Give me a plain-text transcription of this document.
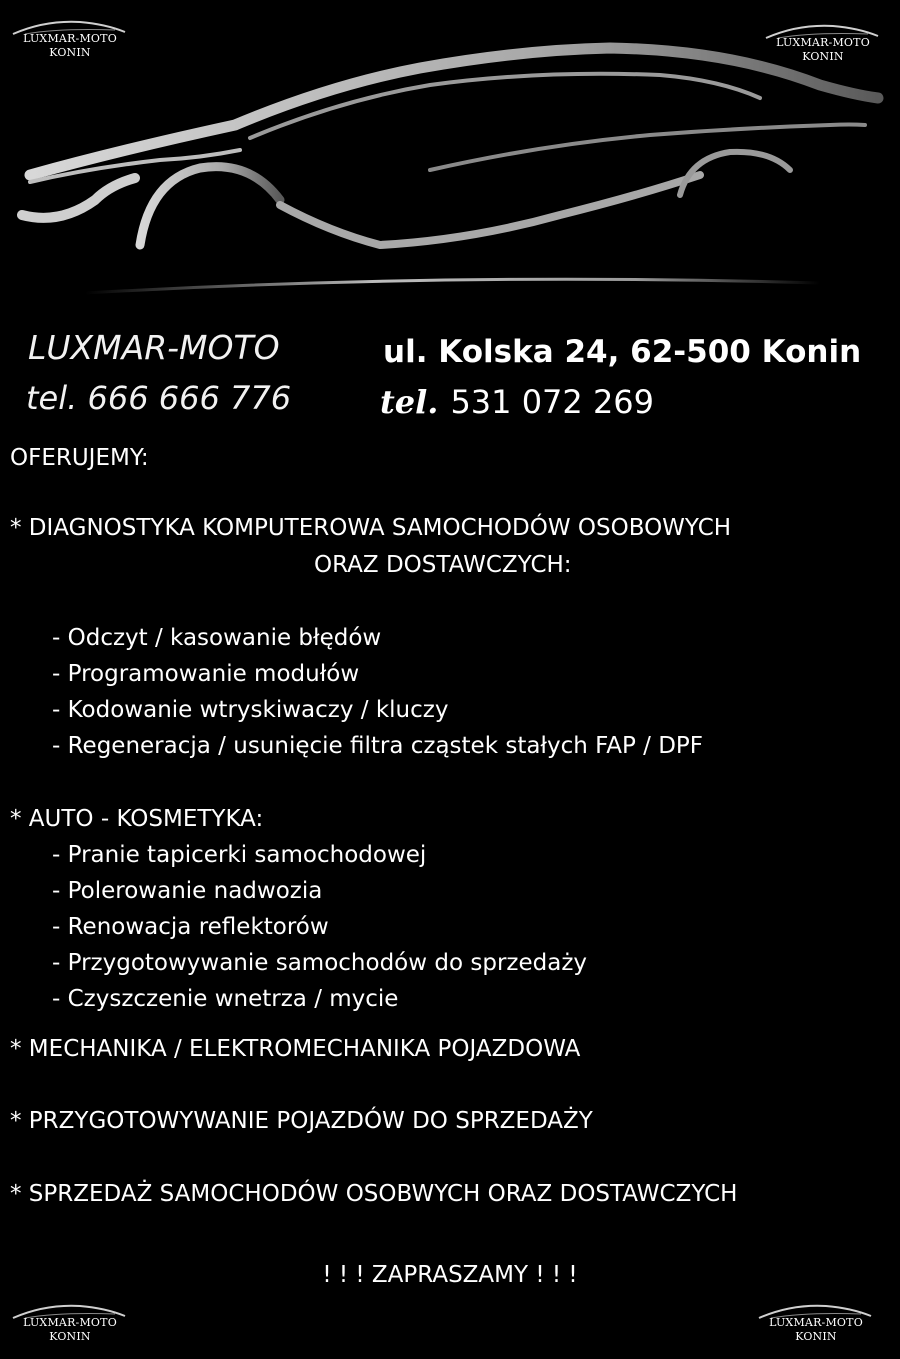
LUXMAR-MOTO
KONIN
LUXMAR-MOTO
KONIN
LUXMAR-MOTO
KONIN
LUXMAR-MOTO
KONIN
LUXMAR-MOTO
tel. 666 666 776
ul. Kolska 24, 62-500 Konin
tel. 531 072 269
OFERUJEMY:
* DIAGNOSTYKA KOMPUTEROWA SAMOCHODÓW OSOBOWYCH
ORAZ DOSTAWCZYCH:
- Odczyt / kasowanie błędów
- Programowanie modułów
- Kodowanie wtryskiwaczy / kluczy
- Regeneracja / usunięcie filtra cząstek stałych FAP / DPF
* AUTO - KOSMETYKA:
- Pranie tapicerki samochodowej
- Polerowanie nadwozia
- Renowacja reflektorów
- Przygotowywanie samochodów do sprzedaży
- Czyszczenie wnetrza / mycie
* MECHANIKA / ELEKTROMECHANIKA POJAZDOWA
* PRZYGOTOWYWANIE POJAZDÓW DO SPRZEDAŻY
* SPRZEDAŻ SAMOCHODÓW OSOBWYCH ORAZ DOSTAWCZYCH
! ! ! ZAPRASZAMY ! ! !
